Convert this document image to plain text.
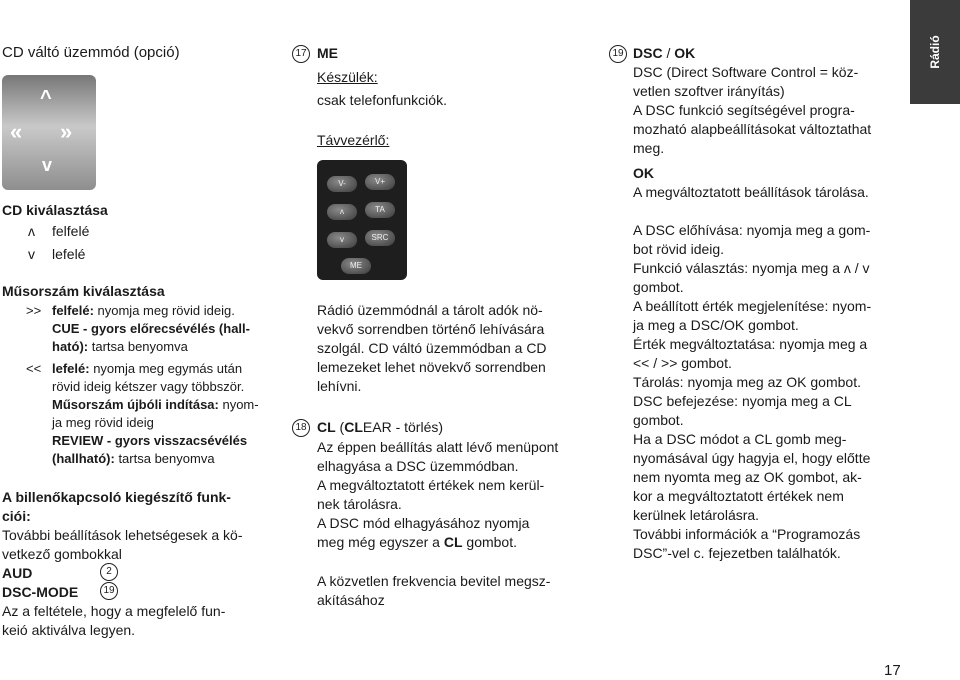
Rádió
CD váltó üzemmód (opció)
^
« »
v
CD kiválasztása
ʌ felfelé
v lefelé
Műsorszám kiválasztása
>> felfelé: nyomja meg rövid ideig.
CUE - gyors előrecsévélés (hall-
ható): tartsa benyomva
<< lefelé: nyomja meg egymás után
rövid ideig kétszer vagy többször.
Műsorszám újbóli indítása: nyom-
ja meg rövid ideig
REVIEW - gyors visszacsévélés
(hallható): tartsa benyomva
A billenőkapcsoló kiegészítő funk-
ciói:
További beállítások lehetségesek a kö-
vetkező gombokkal
AUD	2
DSC-MODE	19
Az a feltétele, hogy a megfelelő fun-
keió aktiválva legyen.
17 ME
Készülék:
csak telefonfunkciók.
Távvezérlő:
V-	V+
ʌ	TA
v	SRC
ME
Rádió üzemmódnál a tárolt adók nö-
vekvő sorrendben történő lehívására
szolgál. CD váltó üzemmódban a CD
lemezeket lehet növekvő sorrendben
lehívni.
18 CL (CLEAR - törlés)
Az éppen beállítás alatt lévő menüpont
elhagyása a DSC üzemmódban.
A megváltoztatott értékek nem kerül-
nek tárolásra.
A DSC mód elhagyásához nyomja
meg még egyszer a CL gombot.
A közvetlen frekvencia bevitel megsz-
akításához
19 DSC / OK
DSC (Direct Software Control = köz-
vetlen szoftver irányítás)
A DSC funkció segítségével progra-
mozható alapbeállításokat változtathat
meg.
OK
A megváltoztatott beállítások tárolása.
A DSC előhívása: nyomja meg a gom-
bot rövid ideig.
Funkció választás: nyomja meg a ʌ / v
gombot.
A beállított érték megjelenítése: nyom-
ja meg a DSC/OK gombot.
Érték megváltoztatása: nyomja meg a
<< / >> gombot.
Tárolás: nyomja meg az OK gombot.
DSC befejezése: nyomja meg a CL
gombot.
Ha a DSC módot a CL gomb meg-
nyomásával úgy hagyja el, hogy előtte
nem nyomta meg az OK gombot, ak-
kor a megváltoztatott értékek nem
kerülnek letárolásra.
További információk a “Programozás
DSC”-vel c. fejezetben találhatók.
17
